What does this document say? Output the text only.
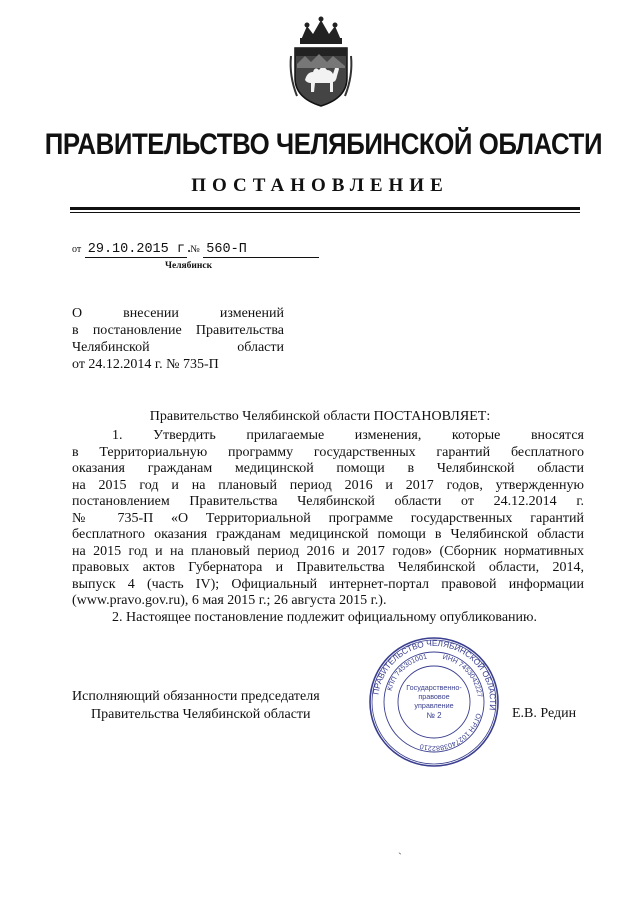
ПРАВИТЕЛЬСТВО ЧЕЛЯБИНСКОЙ ОБЛАСТИ
ПОСТАНОВЛЕНИЕ
от 29.10.2015 г. № 560-П
Челябинск
О внесении изменений
в постановление Правительства
Челябинской области
от 24.12.2014 г. № 735-П
Правительство Челябинской области ПОСТАНОВЛЯЕТ:
1. Утвердить прилагаемые изменения, которые вносятся
в Территориальную программу государственных гарантий бесплатного
оказания гражданам медицинской помощи в Челябинской области
на 2015 год и на плановый период 2016 и 2017 годов, утвержденную
постановлением Правительства Челябинской области от 24.12.2014 г.
№ 735-П «О Территориальной программе государственных гарантий
бесплатного оказания гражданам медицинской помощи в Челябинской области
на 2015 год и на плановый период 2016 и 2017 годов» (Сборник нормативных
правовых актов Губернатора и Правительства Челябинской области, 2014,
выпуск 4 (часть IV); Официальный интернет-портал правовой информации
(www.pravo.gov.ru), 6 мая 2015 г.; 26 августа 2015 г.).
2. Настоящее постановление подлежит официальному опубликованию.
ПРАВИТЕЛЬСТВО ЧЕЛЯБИНСКОЙ ОБЛАСТИ
ОГРН 1027403882210
КПП 745301001 ИНН 7453042227
Государственно-
правовое
управление
№ 2
Исполняющий обязанности председателя
Правительства Челябинской области	Е.В. Редин
`
